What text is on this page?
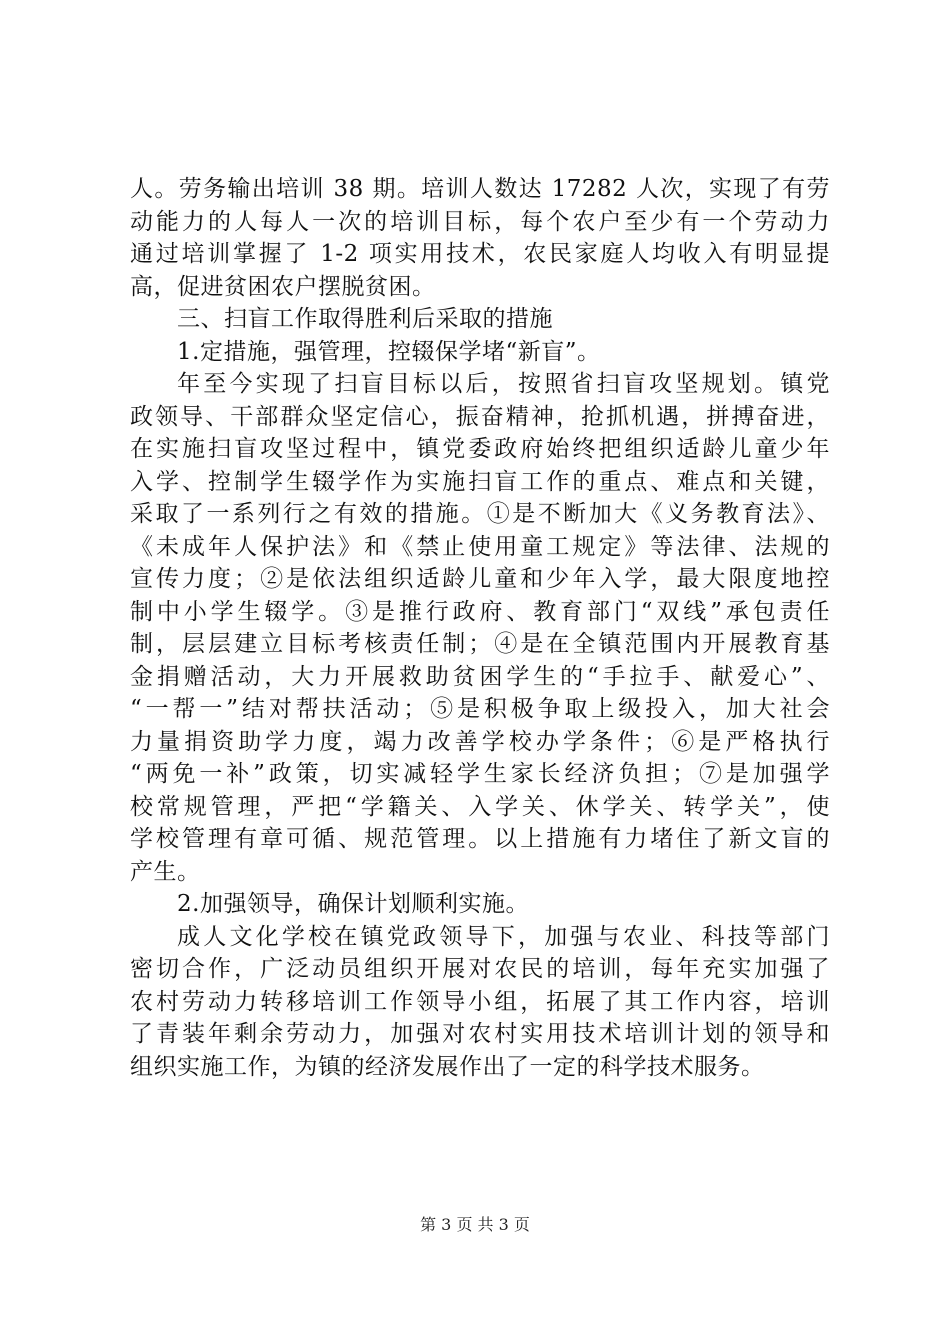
人。劳务输出培训 38 期。培训人数达 17282 人次，实现了有劳
动能力的人每人一次的培训目标，每个农户至少有一个劳动力
通过培训掌握了 1-2 项实用技术，农民家庭人均收入有明显提
高，促进贫困农户摆脱贫困。
三、扫盲工作取得胜利后采取的措施
1.定措施，强管理，控辍保学堵“新盲”。
年至今实现了扫盲目标以后，按照省扫盲攻坚规划。镇党
政领导、干部群众坚定信心，振奋精神，抢抓机遇，拼搏奋进，
在实施扫盲攻坚过程中，镇党委政府始终把组织适龄儿童少年
入学、控制学生辍学作为实施扫盲工作的重点、难点和关键，
采取了一系列行之有效的措施。①是不断加大《义务教育法》、
《未成年人保护法》和《禁止使用童工规定》等法律、法规的
宣传力度；②是依法组织适龄儿童和少年入学，最大限度地控
制中小学生辍学。③是推行政府、教育部门“双线”承包责任
制，层层建立目标考核责任制；④是在全镇范围内开展教育基
金捐赠活动，大力开展救助贫困学生的“手拉手、献爱心”、
“一帮一”结对帮扶活动；⑤是积极争取上级投入，加大社会
力量捐资助学力度，竭力改善学校办学条件；⑥是严格执行
“两免一补”政策，切实减轻学生家长经济负担；⑦是加强学
校常规管理，严把“学籍关、入学关、休学关、转学关”，使
学校管理有章可循、规范管理。以上措施有力堵住了新文盲的
产生。
2.加强领导，确保计划顺利实施。
成人文化学校在镇党政领导下，加强与农业、科技等部门
密切合作，广泛动员组织开展对农民的培训，每年充实加强了
农村劳动力转移培训工作领导小组，拓展了其工作内容，培训
了青装年剩余劳动力，加强对农村实用技术培训计划的领导和
组织实施工作，为镇的经济发展作出了一定的科学技术服务。
第 3 页 共 3 页
